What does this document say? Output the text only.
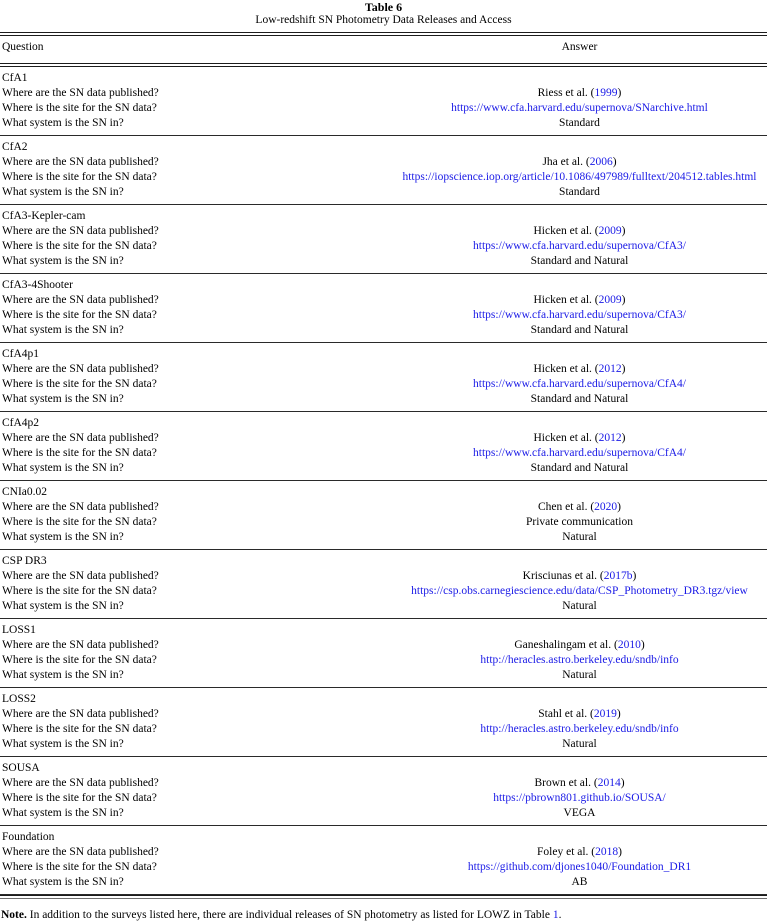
Table 6
Low-redshift SN Photometry Data Releases and Access
Question	Answer
CfA1
Where are the SN data published?	Riess et al. (1999)
Where is the site for the SN data?	https://www.cfa.harvard.edu/supernova/SNarchive.html
What system is the SN in?	Standard
CfA2
Where are the SN data published?	Jha et al. (2006)
Where is the site for the SN data?	https://iopscience.iop.org/article/10.1086/497989/fulltext/204512.tables.html
What system is the SN in?	Standard
CfA3-Kepler-cam
Where are the SN data published?	Hicken et al. (2009)
Where is the site for the SN data?	https://www.cfa.harvard.edu/supernova/CfA3/
What system is the SN in?	Standard and Natural
CfA3-4Shooter
Where are the SN data published?	Hicken et al. (2009)
Where is the site for the SN data?	https://www.cfa.harvard.edu/supernova/CfA3/
What system is the SN in?	Standard and Natural
CfA4p1
Where are the SN data published?	Hicken et al. (2012)
Where is the site for the SN data?	https://www.cfa.harvard.edu/supernova/CfA4/
What system is the SN in?	Standard and Natural
CfA4p2
Where are the SN data published?	Hicken et al. (2012)
Where is the site for the SN data?	https://www.cfa.harvard.edu/supernova/CfA4/
What system is the SN in?	Standard and Natural
CNIa0.02
Where are the SN data published?	Chen et al. (2020)
Where is the site for the SN data?	Private communication
What system is the SN in?	Natural
CSP DR3
Where are the SN data published?	Krisciunas et al. (2017b)
Where is the site for the SN data?	https://csp.obs.carnegiescience.edu/data/CSP_Photometry_DR3.tgz/view
What system is the SN in?	Natural
LOSS1
Where are the SN data published?	Ganeshalingam et al. (2010)
Where is the site for the SN data?	http://heracles.astro.berkeley.edu/sndb/info
What system is the SN in?	Natural
LOSS2
Where are the SN data published?	Stahl et al. (2019)
Where is the site for the SN data?	http://heracles.astro.berkeley.edu/sndb/info
What system is the SN in?	Natural
SOUSA
Where are the SN data published?	Brown et al. (2014)
Where is the site for the SN data?	https://pbrown801.github.io/SOUSA/
What system is the SN in?	VEGA
Foundation
Where are the SN data published?	Foley et al. (2018)
Where is the site for the SN data?	https://github.com/djones1040/Foundation_DR1
What system is the SN in?	AB
Note. In addition to the surveys listed here, there are individual releases of SN photometry as listed for LOWZ in Table 1.
